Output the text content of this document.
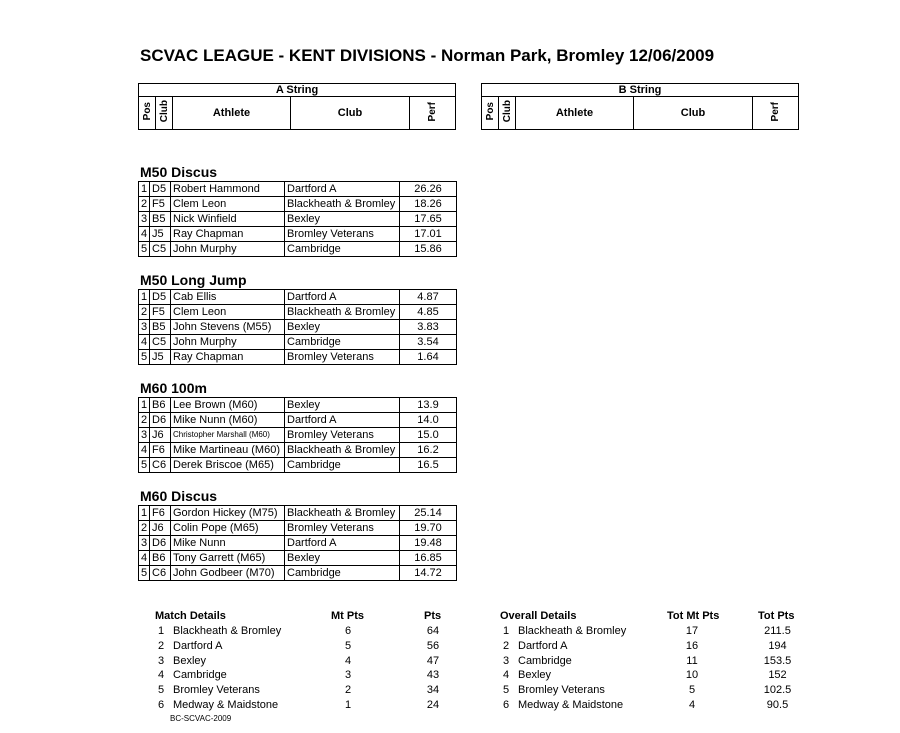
SCVAC LEAGUE - KENT DIVISIONS - Norman Park, Bromley 12/06/2009
A String
Pos	Club	Athlete	Club	Perf
B String
Pos	Club	Athlete	Club	Perf
M50 Discus
1	D5	Robert Hammond	Dartford A	26.26
2	F5	Clem Leon	Blackheath & Bromley	18.26
3	B5	Nick Winfield	Bexley	17.65
4	J5	Ray Chapman	Bromley Veterans	17.01
5	C5	John Murphy	Cambridge	15.86
M50 Long Jump
1	D5	Cab Ellis	Dartford A	4.87
2	F5	Clem Leon	Blackheath & Bromley	4.85
3	B5	John Stevens (M55)	Bexley	3.83
4	C5	John Murphy	Cambridge	3.54
5	J5	Ray Chapman	Bromley Veterans	1.64
M60 100m
1	B6	Lee Brown (M60)	Bexley	13.9
2	D6	Mike Nunn (M60)	Dartford A	14.0
3	J6	Christopher Marshall (M60)	Bromley Veterans	15.0
4	F6	Mike Martineau (M60)	Blackheath & Bromley	16.2
5	C6	Derek Briscoe (M65)	Cambridge	16.5
M60 Discus
1	F6	Gordon Hickey (M75)	Blackheath & Bromley	25.14
2	J6	Colin Pope (M65)	Bromley Veterans	19.70
3	D6	Mike Nunn	Dartford A	19.48
4	B6	Tony Garrett (M65)	Bexley	16.85
5	C6	John Godbeer (M70)	Cambridge	14.72
Match Details	Mt Pts	Pts
1 Blackheath & Bromley	6	64
2 Dartford A	5	56
3 Bexley	4	47
4 Cambridge	3	43
5 Bromley Veterans	2	34
6 Medway & Maidstone	1	24
Overall Details	Tot Mt Pts	Tot Pts
1 Blackheath & Bromley	17	211.5
2 Dartford A	16	194
3 Cambridge	11	153.5
4 Bexley	10	152
5 Bromley Veterans	5	102.5
6 Medway & Maidstone	4	90.5
BC-SCVAC-2009
